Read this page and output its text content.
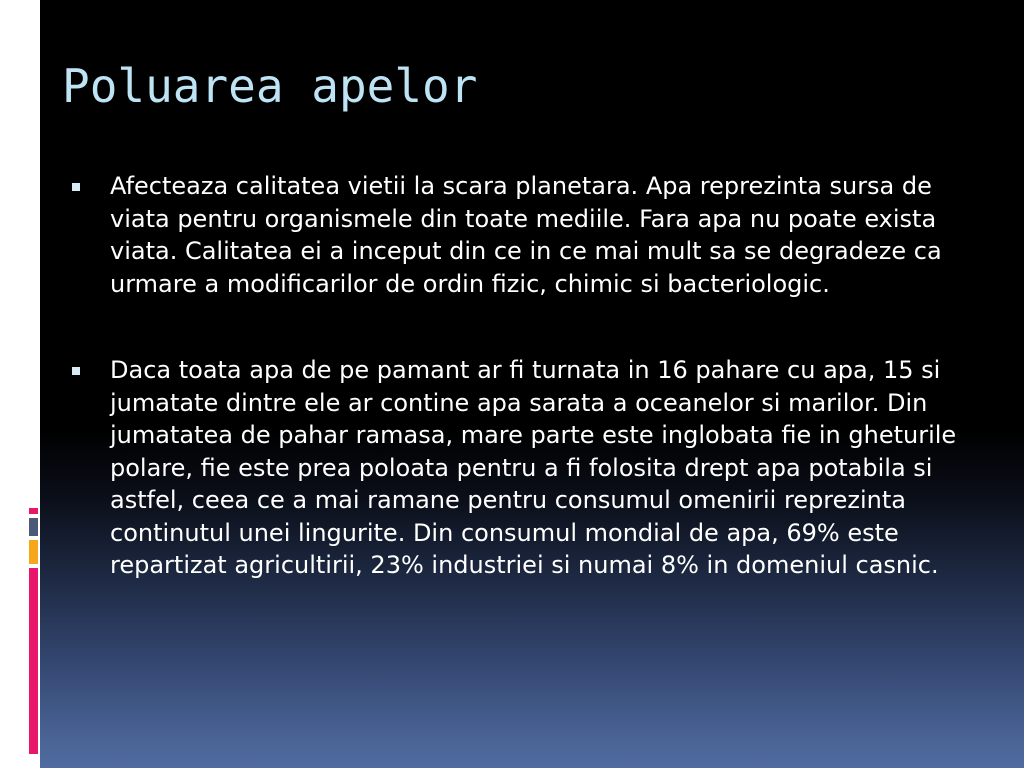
Poluarea apelor
Afecteaza calitatea vietii la scara planetara. Apa reprezinta sursa de viata pentru organismele din toate mediile. Fara apa nu poate exista viata. Calitatea ei a inceput din ce in ce mai mult sa se degradeze ca urmare a modificarilor de ordin fizic, chimic si bacteriologic.
Daca toata apa de pe pamant ar fi turnata in 16 pahare cu apa, 15 si jumatate dintre ele ar contine apa sarata a oceanelor si marilor. Din jumatatea de pahar ramasa, mare parte este inglobata fie in gheturile polare, fie este prea poloata pentru a fi folosita drept apa potabila si astfel, ceea ce a mai ramane pentru consumul omenirii reprezinta continutul unei lingurite. Din consumul mondial de apa, 69% este repartizat agricultirii, 23% industriei si numai 8% in domeniul casnic.
